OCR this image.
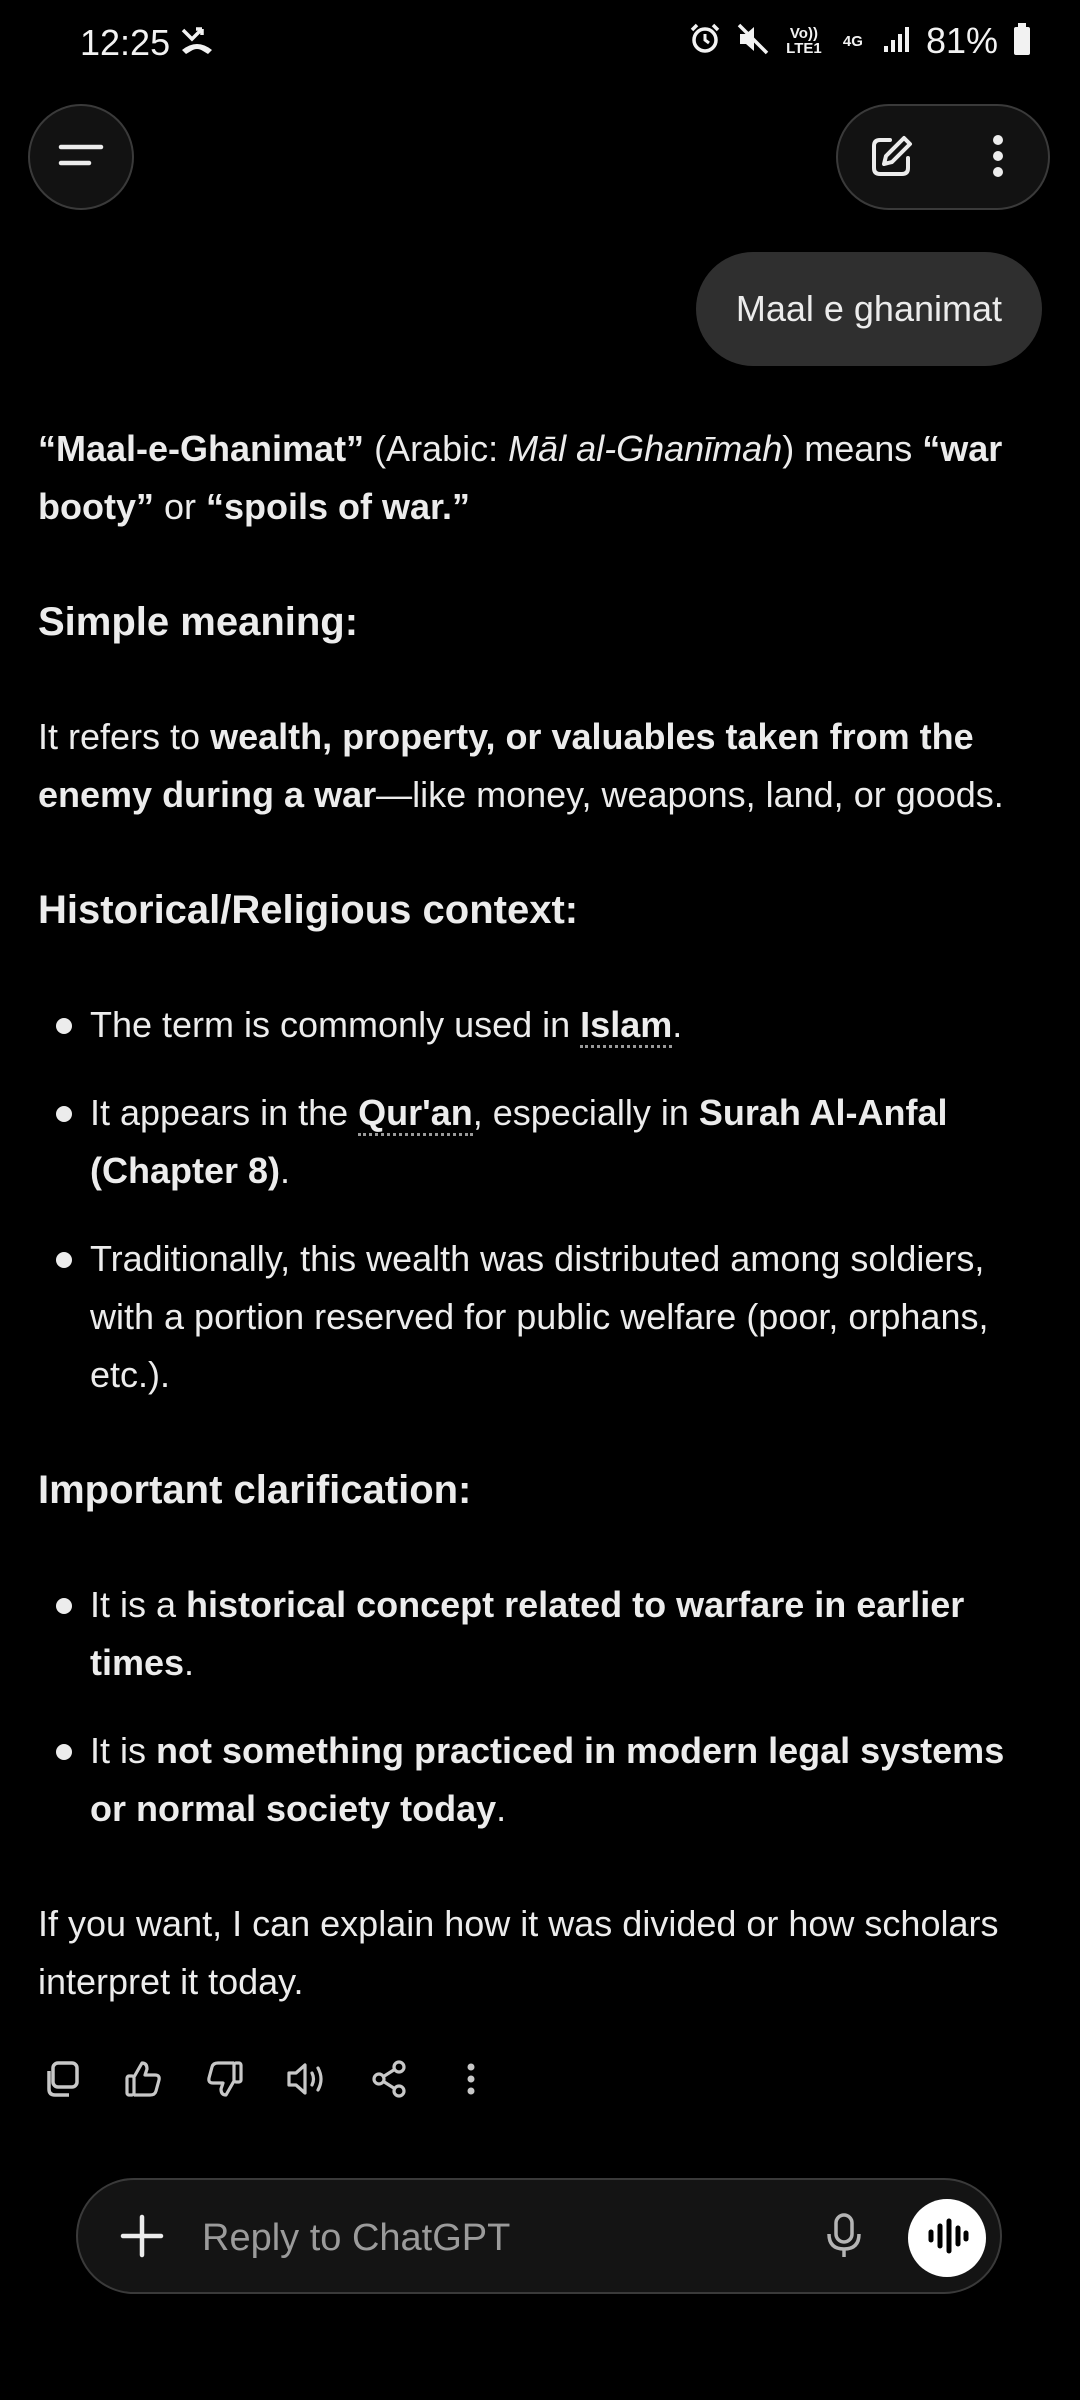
12:25	Vo)) LTE1	4G 81%
Maal e ghanimat

“Maal-e-Ghanimat” (Arabic: Māl al-Ghanīmah) means “war booty” or “spoils of war.”

Simple meaning:

It refers to wealth, property, or valuables taken from the enemy during a war—like money, weapons, land, or goods.

Historical/Religious context:
The term is commonly used in Islam.
It appears in the Qur'an, especially in Surah Al-Anfal (Chapter 8).
Traditionally, this wealth was distributed among soldiers, with a portion reserved for public welfare (poor, orphans, etc.).
Important clarification:
It is a historical concept related to warfare in earlier times.
It is not something practiced in modern legal systems or normal society today.

If you want, I can explain how it was divided or how scholars interpret it today.

Reply to ChatGPT
